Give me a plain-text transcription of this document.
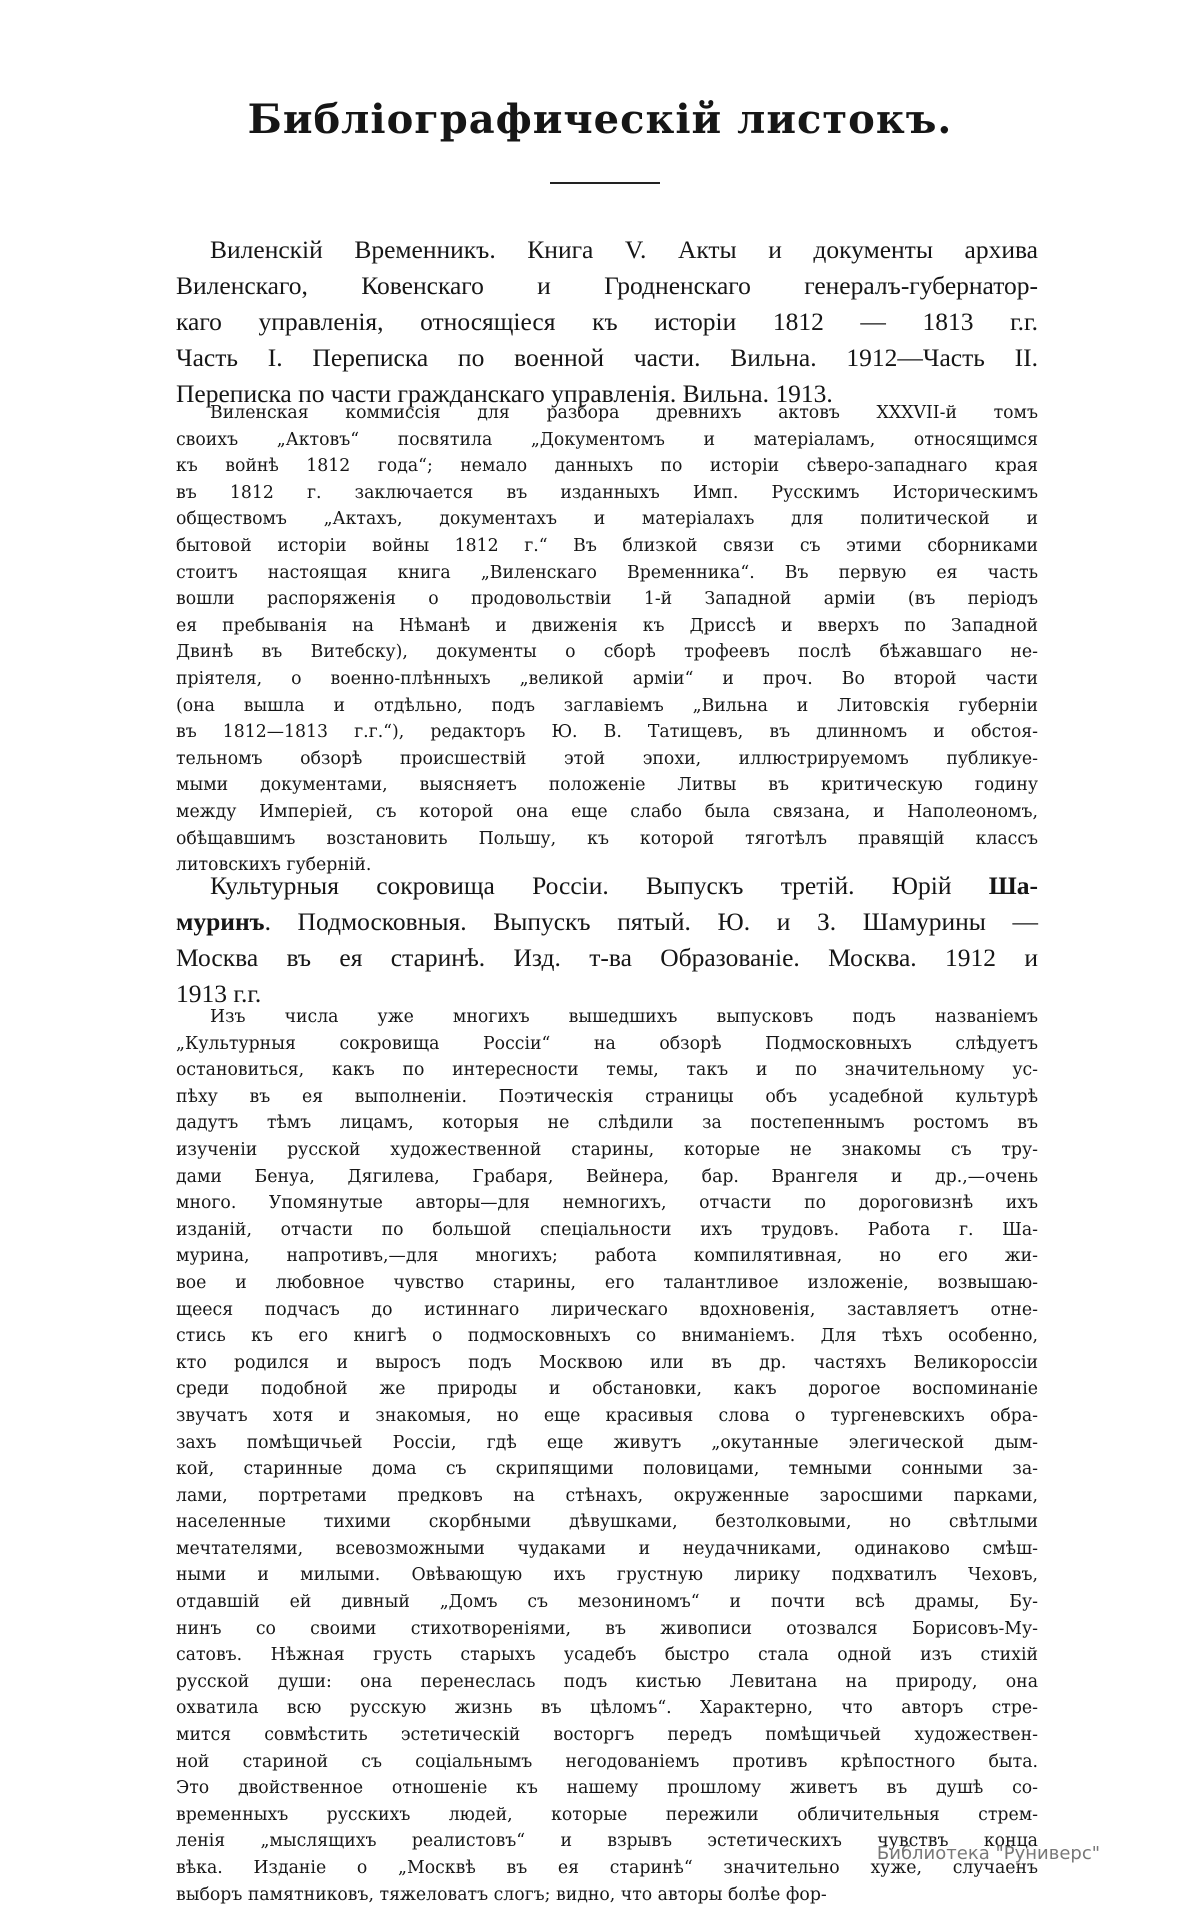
Библіографическій листокъ.
Виленскій Временникъ. Книга V. Акты и документы архива
Виленскаго, Ковенскаго и Гродненскаго генералъ-губернатор-
каго управленія, относящіеся къ исторіи 1812 — 1813 г.г.
Часть I. Переписка по военной части. Вильна. 1912—Часть II.
Переписка по части гражданскаго управленія. Вильна. 1913.
Виленская коммиссія для разбора древнихъ актовъ XXXVII-й томъ
своихъ „Актовъ“ посвятила „Документомъ и матеріаламъ, относящимся
къ войнѣ 1812 года“; немало данныхъ по исторіи сѣверо-западнаго края
въ 1812 г. заключается въ изданныхъ Имп. Русскимъ Историческимъ
обществомъ „Актахъ, документахъ и матеріалахъ для политической и
бытовой исторіи войны 1812 г.“ Въ близкой связи съ этими сборниками
стоитъ настоящая книга „Виленскаго Временника“. Въ первую ея часть
вошли распоряженія о продовольствіи 1-й Западной арміи (въ періодъ
ея пребыванія на Нѣманѣ и движенія къ Дриссѣ и вверхъ по Западной
Двинѣ въ Витебску), документы о сборѣ трофеевъ послѣ бѣжавшаго не-
пріятеля, о военно-плѣнныхъ „великой арміи“ и проч. Во второй части
(она вышла и отдѣльно, подъ заглавіемъ „Вильна и Литовскія губерніи
въ 1812—1813 г.г.“), редакторъ Ю. В. Татищевъ, въ длинномъ и обстоя-
тельномъ обзорѣ происшествій этой эпохи, иллюстрируемомъ публикуе-
мыми документами, выясняетъ положеніе Литвы въ критическую годину
между Имперіей, съ которой она еще слабо была связана, и Наполеономъ,
обѣщавшимъ возстановить Польшу, къ которой тяготѣлъ правящій классъ
литовскихъ губерній.
Культурныя сокровища Россіи. Выпускъ третій. Юрій Ша-
муринъ. Подмосковныя. Выпускъ пятый. Ю. и З. Шамурины —
Москва въ ея старинѣ. Изд. т-ва Образованіе. Москва. 1912 и
1913 г.г.
Изъ числа уже многихъ вышедшихъ выпусковъ подъ названіемъ
„Культурныя сокровища Россіи“ на обзорѣ Подмосковныхъ слѣдуетъ
остановиться, какъ по интересности темы, такъ и по значительному ус-
пѣху въ ея выполненіи. Поэтическія страницы объ усадебной культурѣ
дадутъ тѣмъ лицамъ, которыя не слѣдили за постепеннымъ ростомъ въ
изученіи русской художественной старины, которые не знакомы съ тру-
дами Бенуа, Дягилева, Грабаря, Вейнера, бар. Врангеля и др.,—очень
много. Упомянутые авторы—для немногихъ, отчасти по дороговизнѣ ихъ
изданій, отчасти по большой спеціальности ихъ трудовъ. Работа г. Ша-
мурина, напротивъ,—для многихъ; работа компилятивная, но его жи-
вое и любовное чувство старины, его талантливое изложеніе, возвышаю-
щееся подчасъ до истиннаго лирическаго вдохновенія, заставляетъ отне-
стись къ его книгѣ о подмосковныхъ со вниманіемъ. Для тѣхъ особенно,
кто родился и выросъ подъ Москвою или въ др. частяхъ Великороссіи
среди подобной же природы и обстановки, какъ дорогое воспоминаніе
звучатъ хотя и знакомыя, но еще красивыя слова о тургеневскихъ обра-
захъ помѣщичьей Россіи, гдѣ еще живутъ „окутанные элегической дым-
кой, старинные дома съ скрипящими половицами, темными сонными за-
лами, портретами предковъ на стѣнахъ, окруженные заросшими парками,
населенные тихими скорбными дѣвушками, безтолковыми, но свѣтлыми
мечтателями, всевозможными чудаками и неудачниками, одинаково смѣш-
ными и милыми. Овѣвающую ихъ грустную лирику подхватилъ Чеховъ,
отдавшій ей дивный „Домъ съ мезониномъ“ и почти всѣ драмы, Бу-
нинъ со своими стихотвореніями, въ живописи отозвался Борисовъ-Му-
сатовъ. Нѣжная грусть старыхъ усадебъ быстро стала одной изъ стихій
русской души: она перенеслась подъ кистью Левитана на природу, она
охватила всю русскую жизнь въ цѣломъ“. Характерно, что авторъ стре-
мится совмѣстить эстетическій восторгъ передъ помѣщичьей художествен-
ной стариной съ соціальнымъ негодованіемъ противъ крѣпостного быта.
Это двойственное отношеніе къ нашему прошлому живетъ въ душѣ со-
временныхъ русскихъ людей, которые пережили обличительныя стрем-
ленія „мыслящихъ реалистовъ“ и взрывъ эстетическихъ чувствъ конца
вѣка. Изданіе о „Москвѣ въ ея старинѣ“ значительно хуже, случаенъ
выборъ памятниковъ, тяжеловатъ слогъ; видно, что авторы болѣе фор-
Библиотека "Руниверс"
